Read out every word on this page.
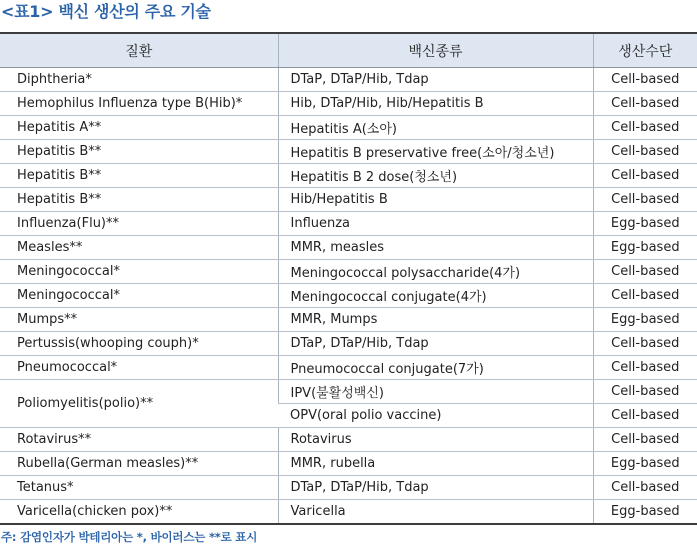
<표1> 백신 생산의 주요 기술
질환	백신종류	생산수단
Diphtheria*	DTaP, DTaP/Hib, Tdap	Cell-based
Hemophilus Influenza type B(Hib)*	Hib, DTaP/Hib, Hib/Hepatitis B	Cell-based
Hepatitis A**	Hepatitis A(소아)	Cell-based
Hepatitis B**	Hepatitis B preservative free(소아/청소년)	Cell-based
Hepatitis B**	Hepatitis B 2 dose(청소년)	Cell-based
Hepatitis B**	Hib/Hepatitis B	Cell-based
Influenza(Flu)**	Influenza	Egg-based
Measles**	MMR, measles	Egg-based
Meningococcal*	Meningococcal polysaccharide(4가)	Cell-based
Meningococcal*	Meningococcal conjugate(4가)	Cell-based
Mumps**	MMR, Mumps	Egg-based
Pertussis(whooping couph)*	DTaP, DTaP/Hib, Tdap	Cell-based
Pneumococcal*	Pneumococcal conjugate(7가)	Cell-based
Poliomyelitis(polio)**	IPV(불활성백신)	Cell-based
	OPV(oral polio vaccine)	Cell-based
Rotavirus**	Rotavirus	Cell-based
Rubella(German measles)**	MMR, rubella	Egg-based
Tetanus*	DTaP, DTaP/Hib, Tdap	Cell-based
Varicella(chicken pox)**	Varicella	Egg-based
주: 감염인자가 박테리아는 *, 바이러스는 **로 표시
